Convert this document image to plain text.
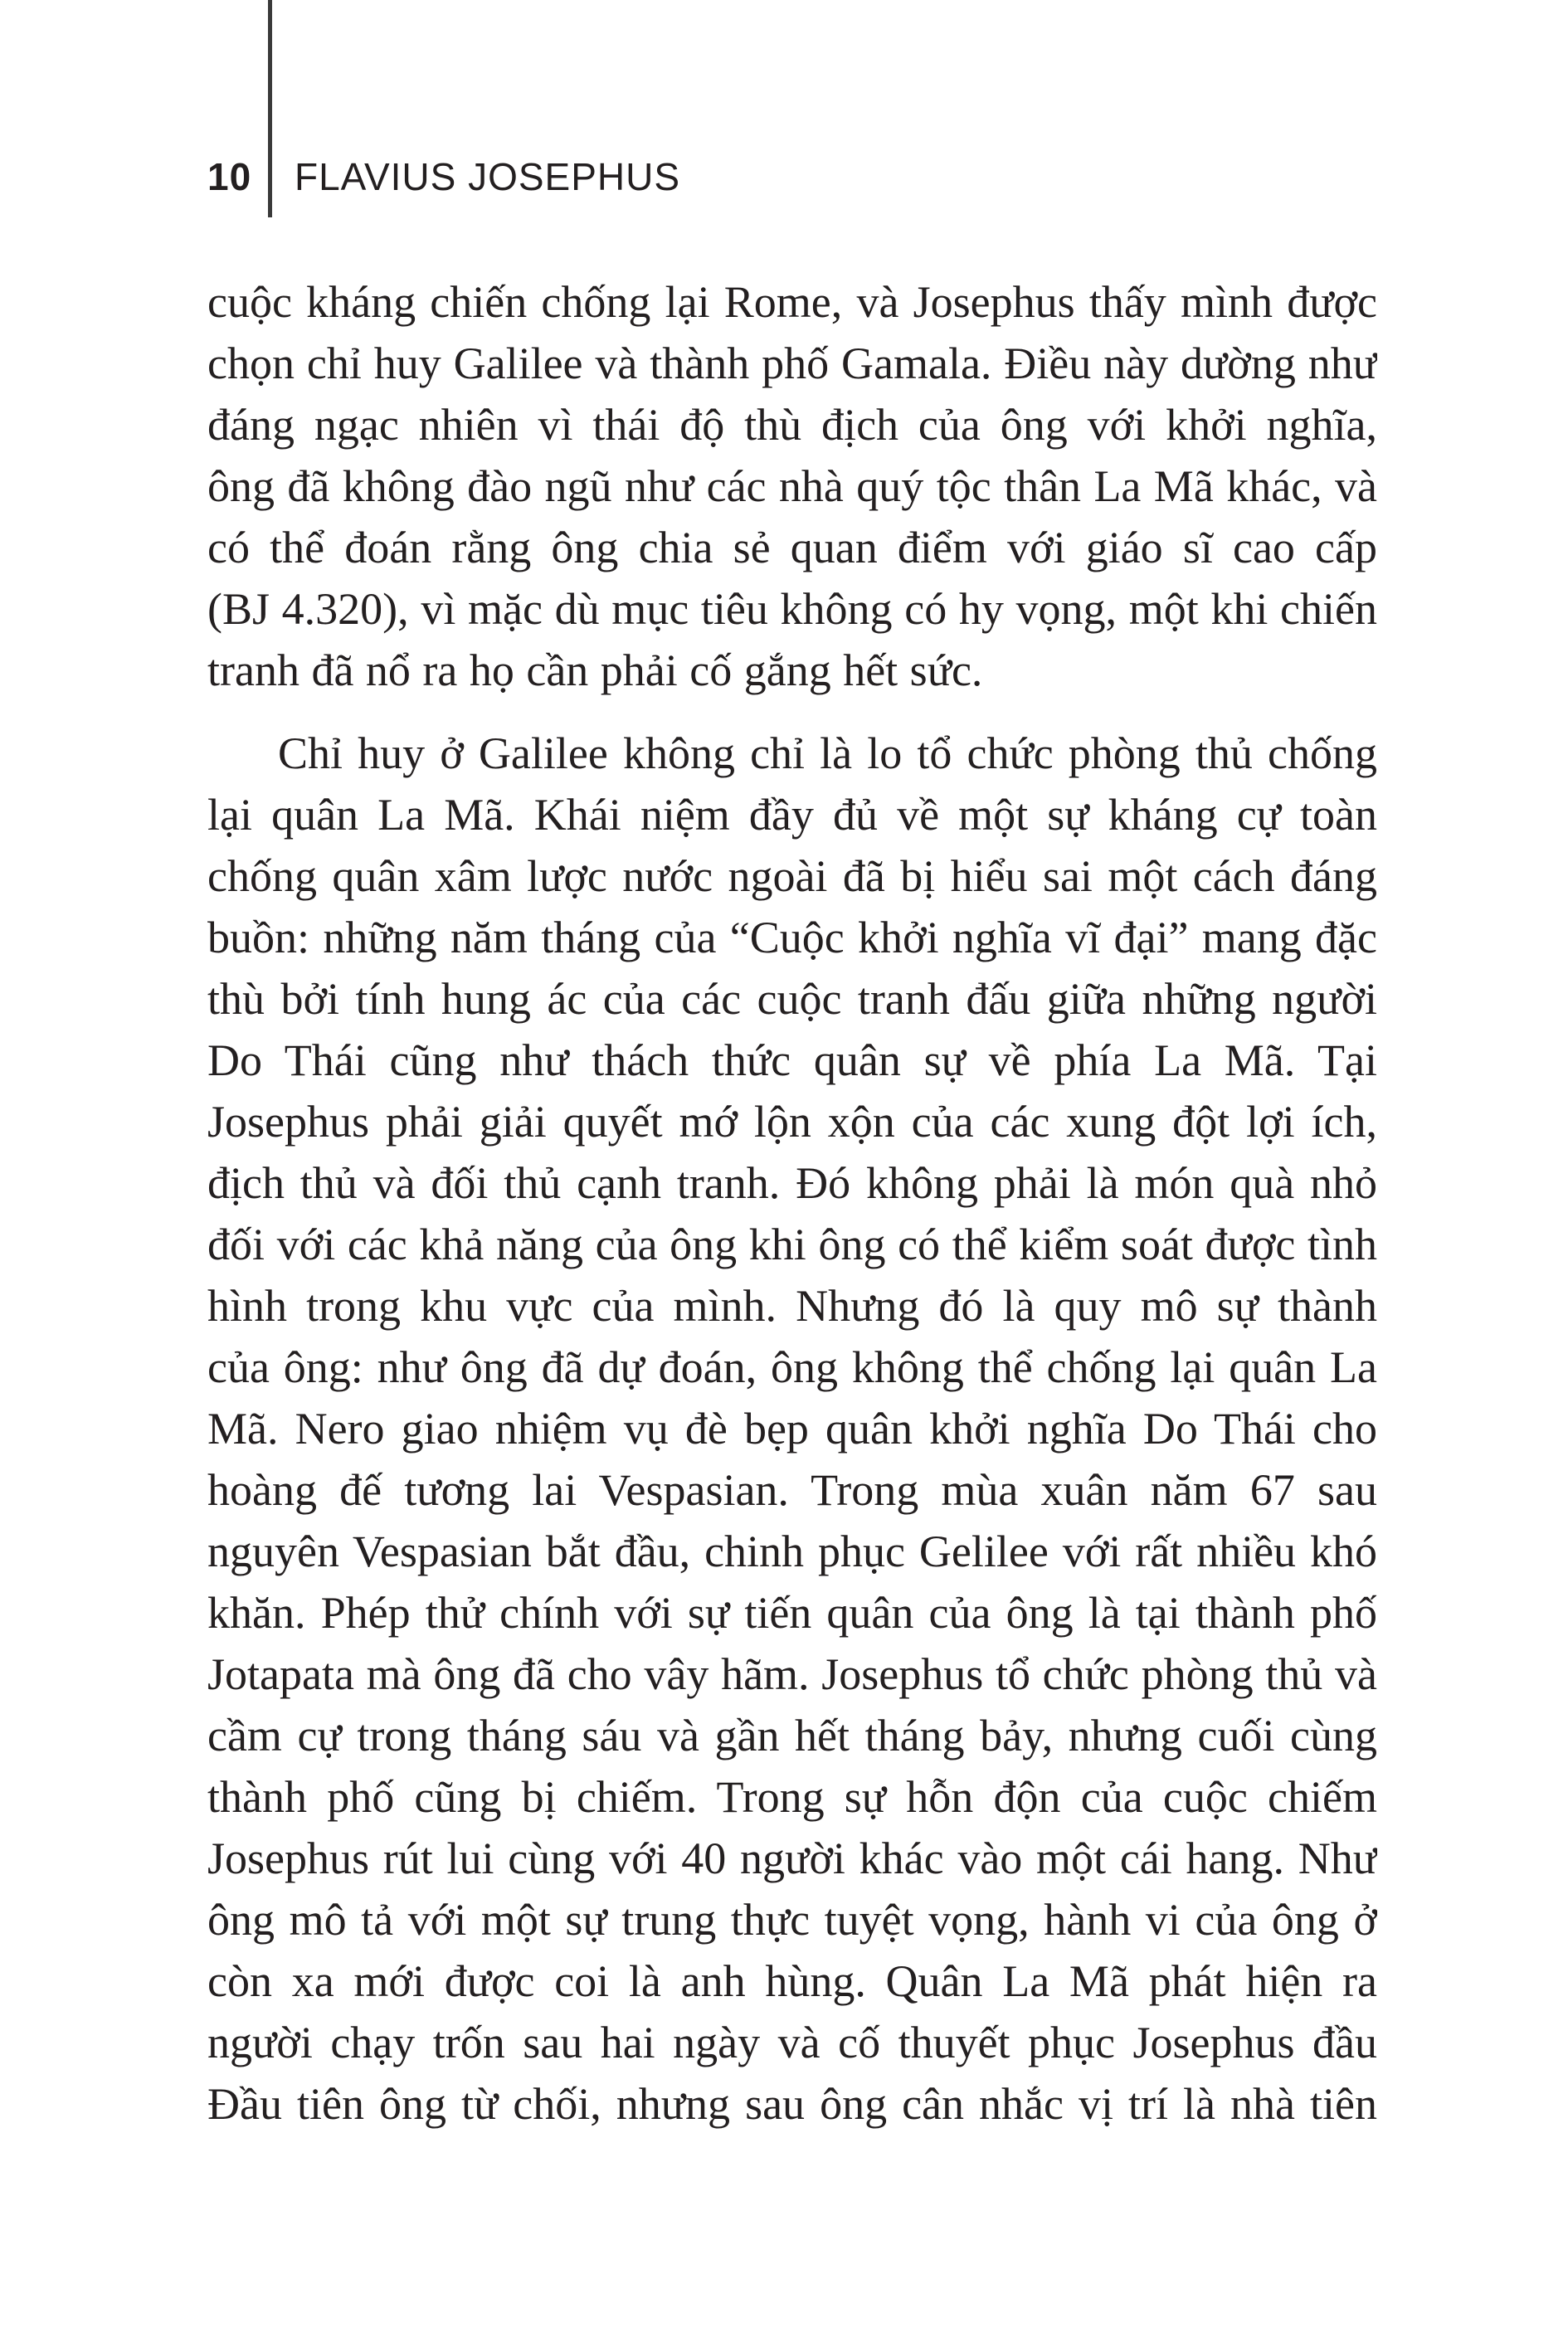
10 FLAVIUS JOSEPHUS

cuộc kháng chiến chống lại Rome, và Josephus thấy mình được
chọn chỉ huy Galilee và thành phố Gamala. Điều này dường như
đáng ngạc nhiên vì thái độ thù địch của ông với khởi nghĩa,
ông đã không đào ngũ như các nhà quý tộc thân La Mã khác, và
có thể đoán rằng ông chia sẻ quan điểm với giáo sĩ cao cấp
(BJ 4.320), vì mặc dù mục tiêu không có hy vọng, một khi chiến
tranh đã nổ ra họ cần phải cố gắng hết sức.

Chỉ huy ở Galilee không chỉ là lo tổ chức phòng thủ chống
lại quân La Mã. Khái niệm đầy đủ về một sự kháng cự toàn
chống quân xâm lược nước ngoài đã bị hiểu sai một cách đáng
buồn: những năm tháng của “Cuộc khởi nghĩa vĩ đại” mang đặc
thù bởi tính hung ác của các cuộc tranh đấu giữa những người
Do Thái cũng như thách thức quân sự về phía La Mã. Tại
Josephus phải giải quyết mớ lộn xộn của các xung đột lợi ích,
địch thủ và đối thủ cạnh tranh. Đó không phải là món quà nhỏ
đối với các khả năng của ông khi ông có thể kiểm soát được tình
hình trong khu vực của mình. Nhưng đó là quy mô sự thành
của ông: như ông đã dự đoán, ông không thể chống lại quân La
Mã. Nero giao nhiệm vụ đè bẹp quân khởi nghĩa Do Thái cho
hoàng đế tương lai Vespasian. Trong mùa xuân năm 67 sau
nguyên Vespasian bắt đầu, chinh phục Gelilee với rất nhiều khó
khăn. Phép thử chính với sự tiến quân của ông là tại thành phố
Jotapata mà ông đã cho vây hãm. Josephus tổ chức phòng thủ và
cầm cự trong tháng sáu và gần hết tháng bảy, nhưng cuối cùng
thành phố cũng bị chiếm. Trong sự hỗn độn của cuộc chiếm
Josephus rút lui cùng với 40 người khác vào một cái hang. Như
ông mô tả với một sự trung thực tuyệt vọng, hành vi của ông ở
còn xa mới được coi là anh hùng. Quân La Mã phát hiện ra
người chạy trốn sau hai ngày và cố thuyết phục Josephus đầu
Đầu tiên ông từ chối, nhưng sau ông cân nhắc vị trí là nhà tiên
